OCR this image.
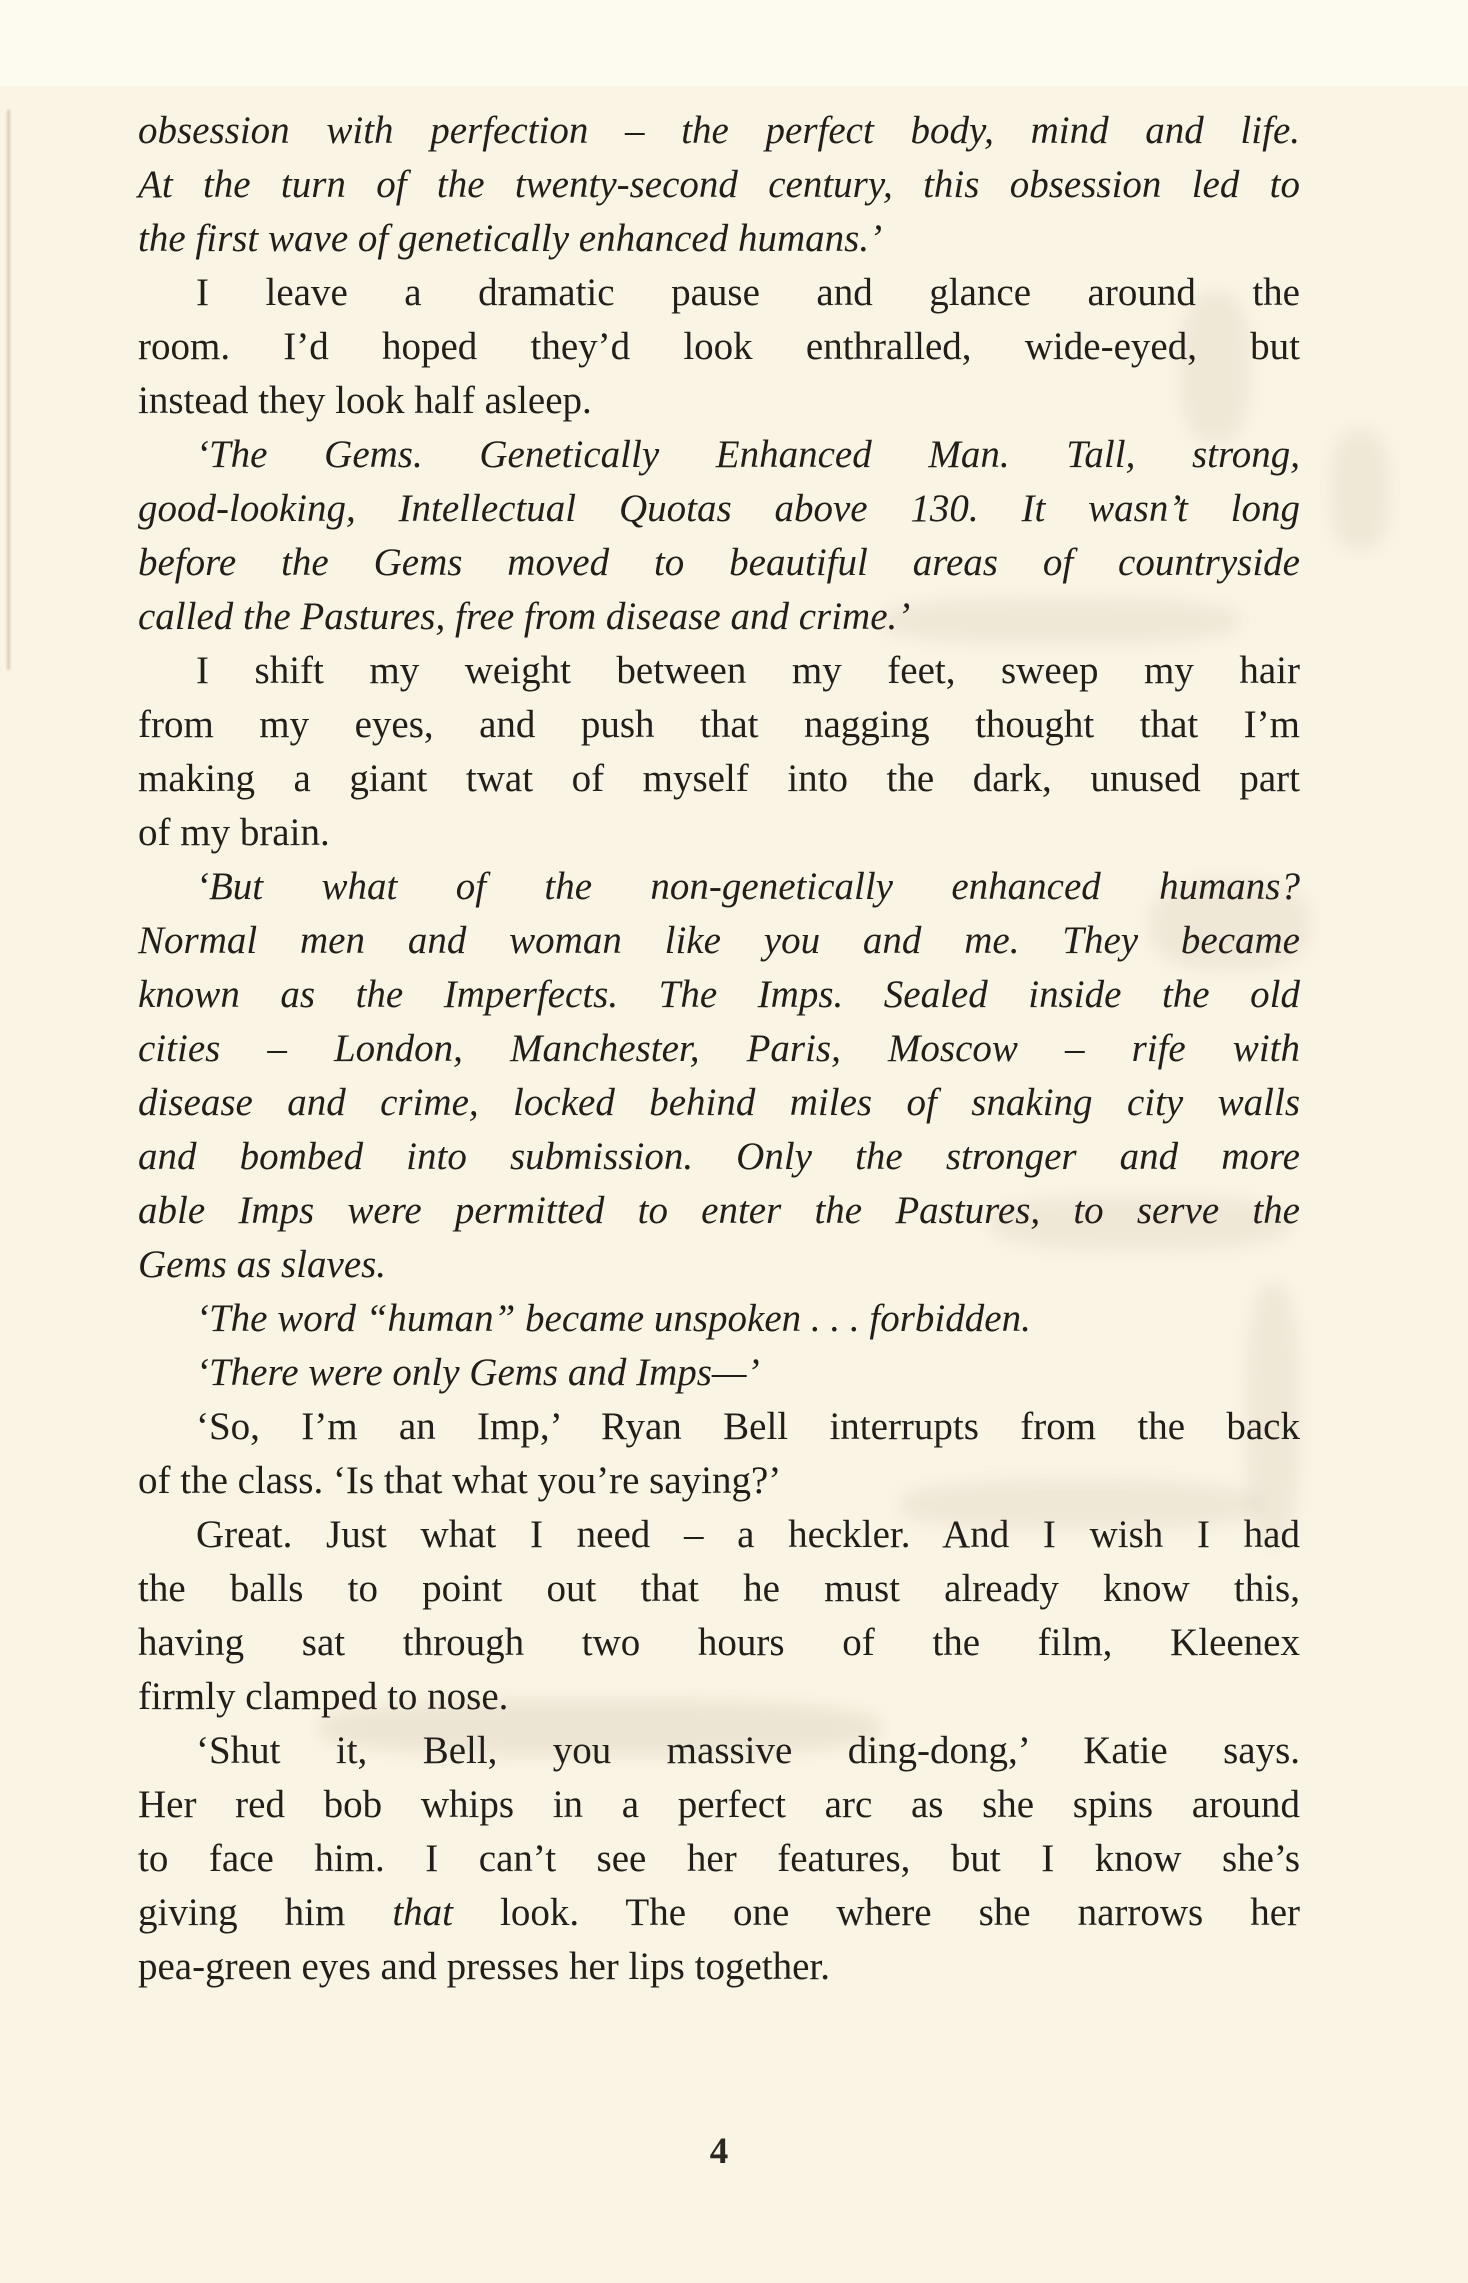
obsession with perfection – the perfect body, mind and life.
At the turn of the twenty-second century, this obsession led to
the first wave of genetically enhanced humans.’
I leave a dramatic pause and glance around the
room. I’d hoped they’d look enthralled, wide-eyed, but
instead they look half asleep.
‘The Gems. Genetically Enhanced Man. Tall, strong,
good-looking, Intellectual Quotas above 130. It wasn’t long
before the Gems moved to beautiful areas of countryside
called the Pastures, free from disease and crime.’
I shift my weight between my feet, sweep my hair
from my eyes, and push that nagging thought that I’m
making a giant twat of myself into the dark, unused part
of my brain.
‘But what of the non-genetically enhanced humans?
Normal men and woman like you and me. They became
known as the Imperfects. The Imps. Sealed inside the old
cities – London, Manchester, Paris, Moscow – rife with
disease and crime, locked behind miles of snaking city walls
and bombed into submission. Only the stronger and more
able Imps were permitted to enter the Pastures, to serve the
Gems as slaves.
‘The word “human” became unspoken . . . forbidden.
‘There were only Gems and Imps—’
‘So, I’m an Imp,’ Ryan Bell interrupts from the back
of the class. ‘Is that what you’re saying?’
Great. Just what I need – a heckler. And I wish I had
the balls to point out that he must already know this,
having sat through two hours of the film, Kleenex
firmly clamped to nose.
‘Shut it, Bell, you massive ding-dong,’ Katie says.
Her red bob whips in a perfect arc as she spins around
to face him. I can’t see her features, but I know she’s
giving him that look. The one where she narrows her
pea-green eyes and presses her lips together.
4
